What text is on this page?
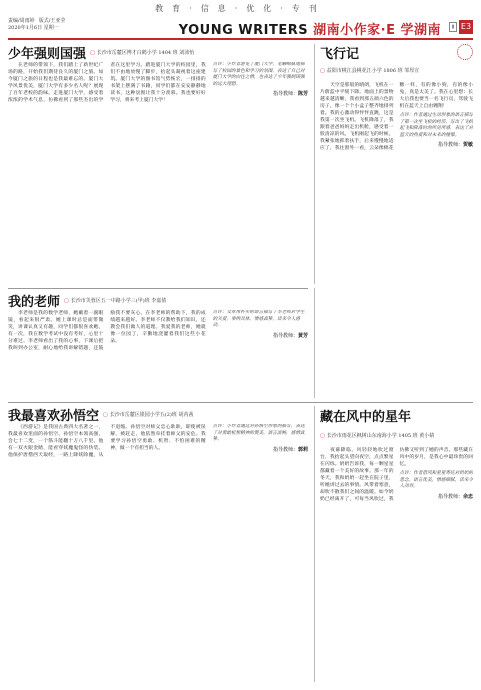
教育·信息·优化·专刊
责编/周雨婷 版式/王亚莹
2020年1月6日 星期一	YOUNG WRITERS 湖南小作家·E 学湖南	▮ E3
少年强则国强 ▢ 长沙市岳麓区博才白鹤小学 1404 班 刘沛怡
在老师的带领下，我们踏上了新世纪广场的路，开始我们期待良久的厦门之旅。如今厦门之旅的日程也是我最难忘的。厦门大学风景优美，厦门大学有多少名人呢？展现了百年老校的韵味。走进厦门大学，感受着浓浓的学术气息，仿佛看到了那些杰出的学者在这里学习。踏进厦门大学的校园里，我们不由地放慢了脚步，抬起头凝视着这座建筑。厦门大学的图书馆气势恢宏，一排排的书架上摆满了书籍，同学们都在安安静静地读书，这种氛围让我十分羡慕。我也要好好学习，将来考上厦门大学！
点评：小作者游览了厦门大学，笔触细腻地描写了校园的景色和学习的氛围，表达了自己对厦门大学的向往之情，也表达了少年强则国强的远大理想。
指导教师：陈芳
飞行记
▢ 益阳市桃江县桃花江小学 1806 班 邹厚宣
天空是那般的晴朗，飞机在一片蔚蓝中平缓下降。地面上的景物越来越清晰，我看到那五颜六色的房子，像一个个小盒子整齐地排列着。我的心激动得怦怦直跳，这是我第一次坐飞机。飞机降落了，我跟着爸爸妈妈走出机舱，感受着一股清凉的风。飞机刚起飞的时候，我紧张地抓着扶手，后来慢慢地适应了，我往窗外一看，云朵像棉花糖一样，有的像小狗，有的像小兔，真是太美了。我在心里想：长大后我也要当一名飞行员，驾驶飞机在蓝天上自由翱翔！
点评：作者通过生动形象的语言描写了第一次坐飞机的经历，写出了飞机起飞和降落时的所见所感，表达了对蓝天的热爱和对未来的憧憬。
指导教师：贺敏
我的老师 ▢ 长沙市芙蓉区五一中路小学三(甲)班 李嘉倩
李老师是我的数学老师，她戴着一副眼镜，看起来很严肃。她上课时总是面带微笑，讲课认真又有趣，同学们都很喜欢她。有一次，我在数学考试中没有考好，心里十分难过。李老师看出了我的心事，下课后把我叫到办公室，耐心地给我讲解错题，还鼓励我不要灰心。在李老师的帮助下，我的成绩越来越好。李老师不仅教给我们知识，还教会我们做人的道理。我爱我的老师，她就像一位园丁，辛勤地浇灌着我们这些小花朵。
点评：文章用朴实的语言描写了李老师对学生的关爱，事例具体，情感真挚，读来令人感动。
指导教师：黄芳
我最喜欢孙悟空 ▢ 长沙市岳麓区银园小学五(2)班 胡芮茜
《西游记》是我国古典四大名著之一，我最喜欢里面的孙悟空。孙悟空本领高强，会七十二变，一个筋斗能翻十万八千里。他有一双火眼金睛，能看穿妖魔鬼怪的伪装。他保护唐僧西天取经，一路上降妖除魔，从不退缩。孙悟空对师父忠心耿耿，即使被误解、被赶走，他依然牵挂着师父的安危。我要学习孙悟空勇敢、机智、不怕困难的精神，做一个有担当的人。
点评：小作者通过对孙悟空形象的描写，表达了对勇敢机智精神的赞美，语言流畅，感情真挚。
指导教师：郭莉
藏在风中的星年
▢ 长沙市雨花区枫树山东南海小学 1405 班 黄小婧
夜幕降临，风轻轻地吹过窗台，我抬起头望向夜空，点点繁星在闪烁。奶奶告诉我，每一颗星星都藏着一个美好的故事。那一年的冬天，我和奶奶一起坐在院子里，听她讲过去的事情。风带着寒意，却吹不散我们之间的温暖。如今奶奶已经离开了，可每当风吹过，我仿佛又听到了她的声音。那些藏在风中的岁月，是我心中最珍贵的回忆。
点评：作者借风和星星寄托对奶奶的思念，语言优美，情感细腻，读来令人动容。
指导教师：余忠
